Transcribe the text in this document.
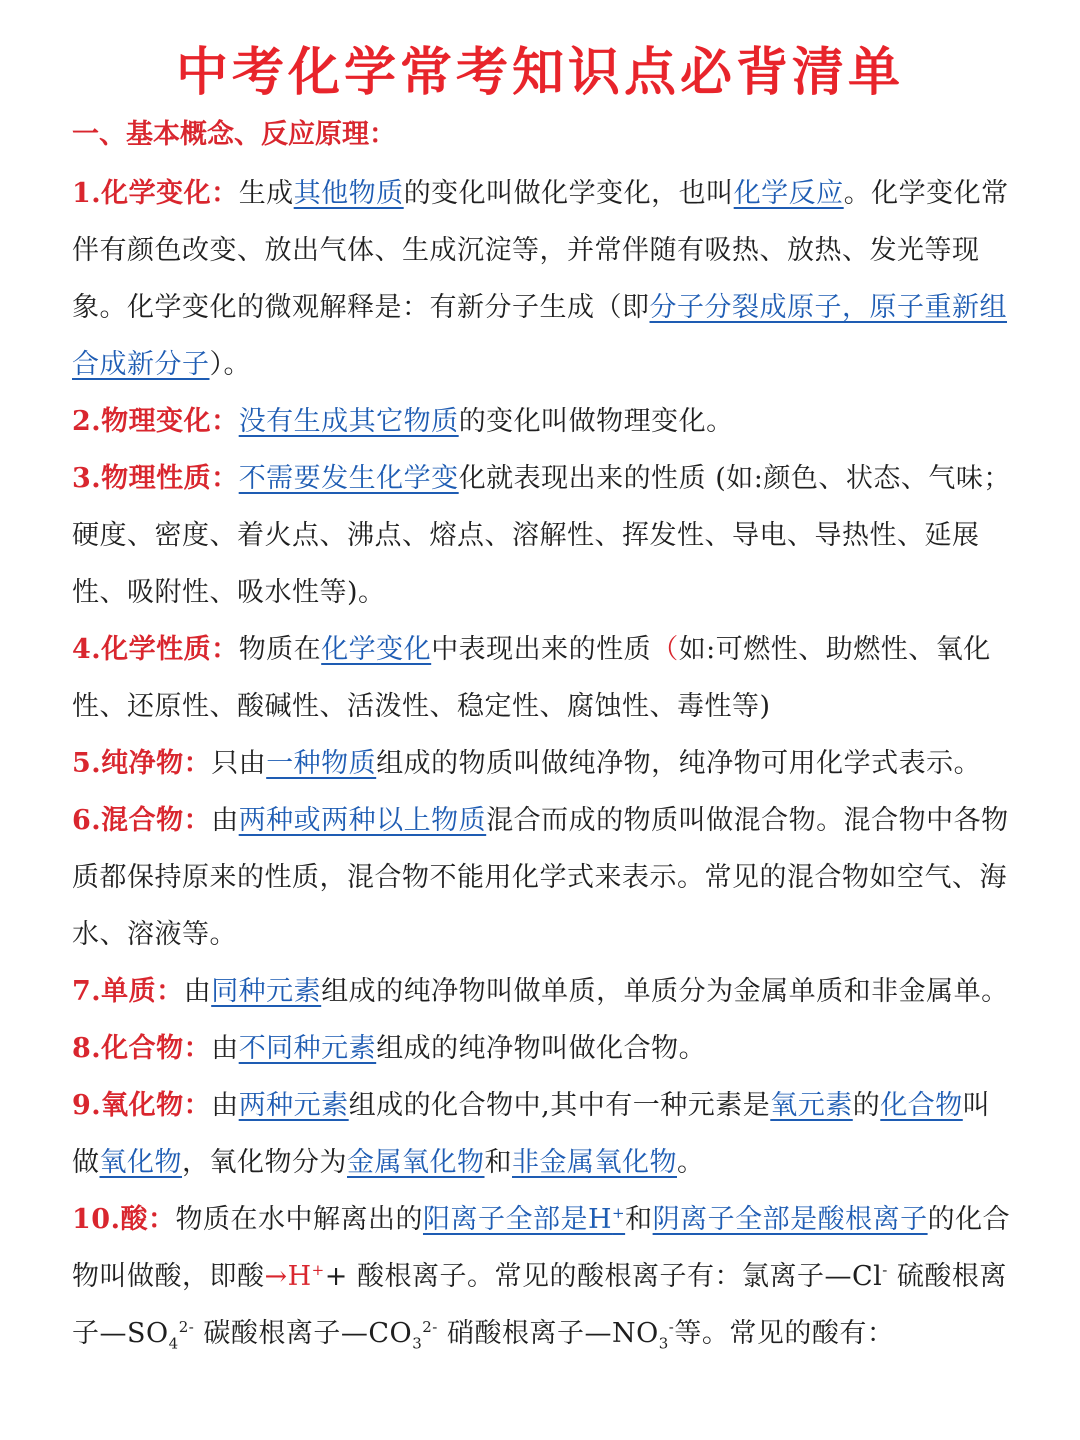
中考化学常考知识点必背清单
一、基本概念、反应原理：

1.化学变化：生成其他物质的变化叫做化学变化，也叫化学反应。化学变化常伴有颜色改变、放出气体、生成沉淀等，并常伴随有吸热、放热、发光等现象。化学变化的微观解释是：有新分子生成（即分子分裂成原子，原子重新组合成新分子）。

2.物理变化：没有生成其它物质的变化叫做物理变化。

3.物理性质：不需要发生化学变化就表现出来的性质 (如:颜色、状态、气味；硬度、密度、着火点、沸点、熔点、溶解性、挥发性、导电、导热性、延展性、吸附性、吸水性等)。

4.化学性质：物质在化学变化中表现出来的性质（如:可燃性、助燃性、氧化性、还原性、酸碱性、活泼性、稳定性、腐蚀性、毒性等)

5.纯净物：只由一种物质组成的物质叫做纯净物，纯净物可用化学式表示。

6.混合物：由两种或两种以上物质混合而成的物质叫做混合物。混合物中各物质都保持原来的性质，混合物不能用化学式来表示。常见的混合物如空气、海水、溶液等。

7.单质：由同种元素组成的纯净物叫做单质，单质分为金属单质和非金属单。

8.化合物：由不同种元素组成的纯净物叫做化合物。

9.氧化物：由两种元素组成的化合物中,其中有一种元素是氧元素的化合物叫做氧化物，氧化物分为金属氧化物和非金属氧化物。

10.酸：物质在水中解离出的阳离子全部是H+和阴离子全部是酸根离子的化合物叫做酸，即酸→H++ 酸根离子。常见的酸根离子有：氯离子—Cl- 硫酸根离子$—SO_4^{2-}$ 碳酸根离子$—CO_3^{2-}$ 硝酸根离子$—NO_3^-$等。常见的酸有：
